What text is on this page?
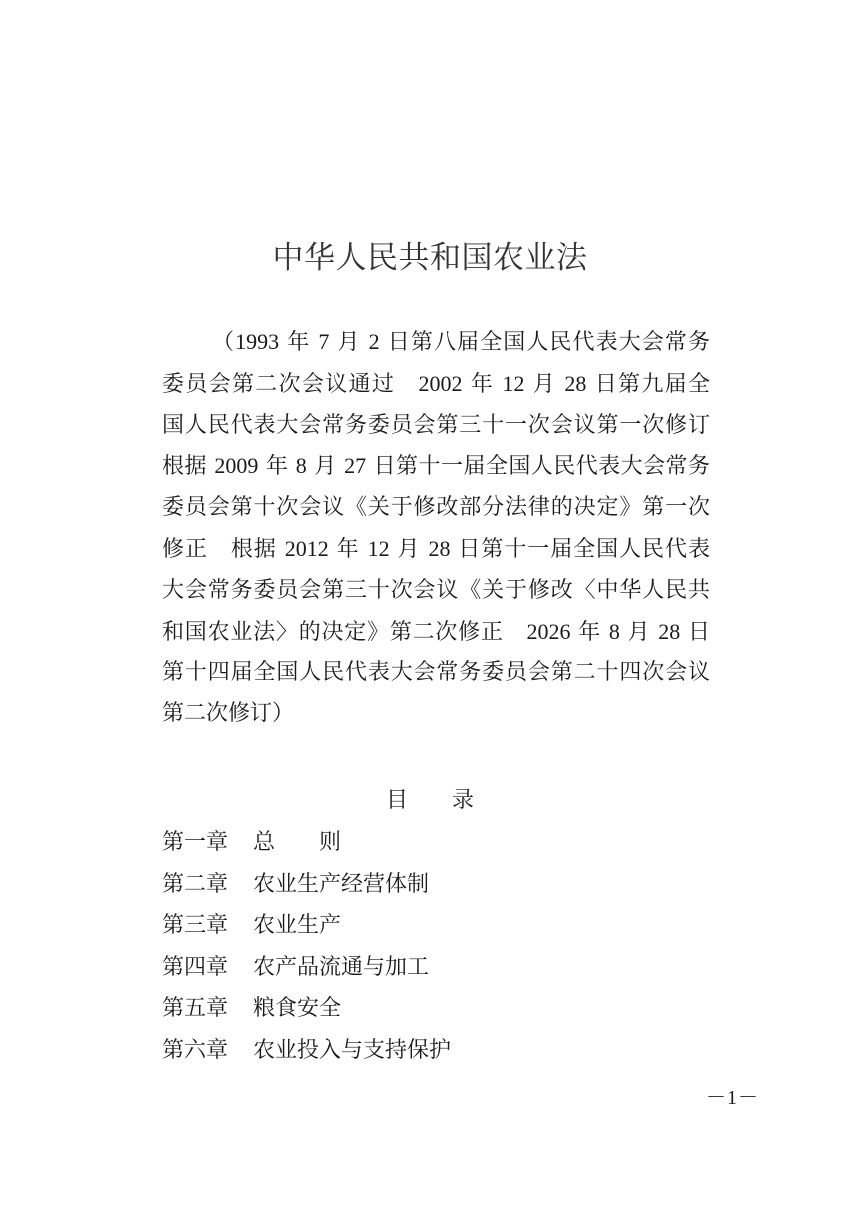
中华人民共和国农业法
（1993 年 7 月 2 日第八届全国人民代表大会常务
委员会第二次会议通过　2002 年 12 月 28 日第九届全
国人民代表大会常务委员会第三十一次会议第一次修订
根据 2009 年 8 月 27 日第十一届全国人民代表大会常务
委员会第十次会议《关于修改部分法律的决定》第一次
修正　根据 2012 年 12 月 28 日第十一届全国人民代表
大会常务委员会第三十次会议《关于修改〈中华人民共
和国农业法〉的决定》第二次修正　2026 年 8 月 28 日
第十四届全国人民代表大会常务委员会第二十四次会议
第二次修订）
目 录
第一章 总 则
第二章 农业生产经营体制
第三章 农业生产
第四章 农产品流通与加工
第五章 粮食安全
第六章 农业投入与支持保护
－1－
